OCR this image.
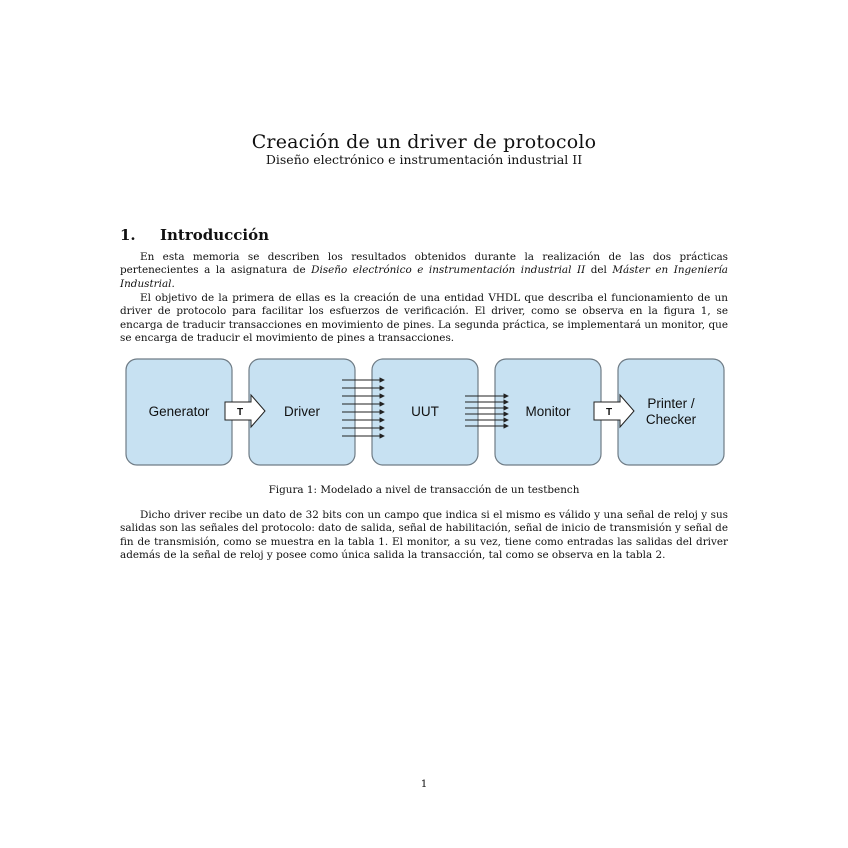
Creación de un driver de protocolo
Diseño electrónico e instrumentación industrial II
1. Introducción
En esta memoria se describen los resultados obtenidos durante la realización de las dos prácticas pertenecientes a la asignatura de Diseño electrónico e instrumentación industrial II del Máster en Ingeniería Industrial.
El objetivo de la primera de ellas es la creación de una entidad VHDL que describa el funcionamiento de un driver de protocolo para facilitar los esfuerzos de verificación. El driver, como se observa en la figura 1, se encarga de traducir transacciones en movimiento de pines. La segunda práctica, se implementará un monitor, que se encarga de traducir el movimiento de pines a transacciones.
Generator	Driver	UUT	Monitor
Printer / Checker
T	T
Figura 1: Modelado a nivel de transacción de un testbench
Dicho driver recibe un dato de 32 bits con un campo que indica si el mismo es válido y una señal de reloj y sus salidas son las señales del protocolo: dato de salida, señal de habilitación, señal de inicio de transmisión y señal de fin de transmisión, como se muestra en la tabla 1. El monitor, a su vez, tiene como entradas las salidas del driver además de la señal de reloj y posee como única salida la transacción, tal como se observa en la tabla 2.
1
